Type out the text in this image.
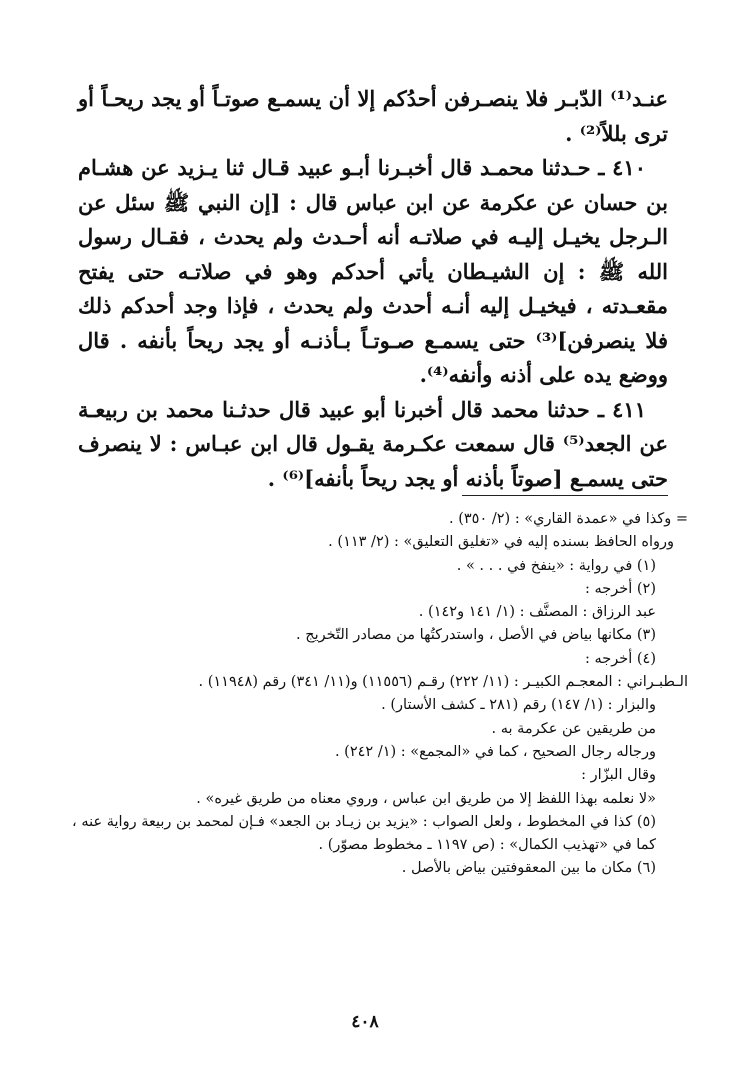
عنـد⁽¹⁾ الدّبـر فلا ينصـرفن أحدُكم إلا أن يسمـع صوتـاً أو يجد ريحـاً أو ترى بللاً⁽²⁾ .

٤١٠ ـ حـدثنا محمـد قال أخبـرنا أبـو عبيد قـال ثنا يـزيد عن هشـام بن حسان عن عكرمة عن ابن عباس قال : [إن النبي ﷺ سئل عن الـرجل يخيـل إليـه في صلاتـه أنه أحـدث ولم يحدث ، فقـال رسول الله ﷺ : إن الشيـطان يأتي أحدكم وهو في صلاتـه حتى يفتح مقعـدته ، فيخيـل إليه أنـه أحدث ولم يحدث ، فإذا وجد أحدكم ذلك فلا ينصرفن]⁽³⁾ حتى يسمـع صـوتـاً بـأذنـه أو يجد ريحاً بأنفه . قال ووضع يده على أذنه وأنفه⁽⁴⁾.

٤١١ ـ حدثنا محمد قال أخبرنا أبو عبيد قال حدثـنا محمد بن ربيعـة عن الجعد⁽⁵⁾ قال سمعت عكـرمة يقـول قال ابن عبـاس : لا ينصرف حتى يسمـع [صوتاً بأذنه أو يجد ريحاً بأنفه]⁽⁶⁾ .

= وكذا في «عمدة القاري» : (٢/ ٣٥٠) .

ورواه الحافظ بسنده إليه في «تغليق التعليق» : (٢/ ١١٣) .

(١) في رواية : «ينفخ في . . . » .

(٢) أخرجه :

عبد الرزاق : المصنَّف : (١/ ١٤١ و١٤٢) .

(٣) مكانها بياض في الأصل ، واستدركتُها من مصادر التّخريج .

(٤) أخرجه :

الـطبـراني : المعجـم الكبيـر : (١١/ ٢٢٢) رقـم (١١٥٥٦) و(١١/ ٣٤١) رقم (١١٩٤٨) .

والبزار : (١/ ١٤٧) رقم (٢٨١ ـ كشف الأستار) .

من طريقين عن عكرمة به .

ورجاله رجال الصحيح ، كما في «المجمع» : (١/ ٢٤٢) .

وقال البزّار :

«لا نعلمه بهذا اللفظ إلا من طريق ابن عباس ، وروي معناه من طريق غيره» .

(٥) كذا في المخطوط ، ولعل الصواب : «يزيد بن زيـاد بن الجعد» فـإن لمحمد بن ربيعة رواية عنه ، كما في «تهذيب الكمال» : (ص ١١٩٧ ـ مخطوط مصوّر) .

(٦) مكان ما بين المعقوفتين بياض بالأصل .

٤٠٨
